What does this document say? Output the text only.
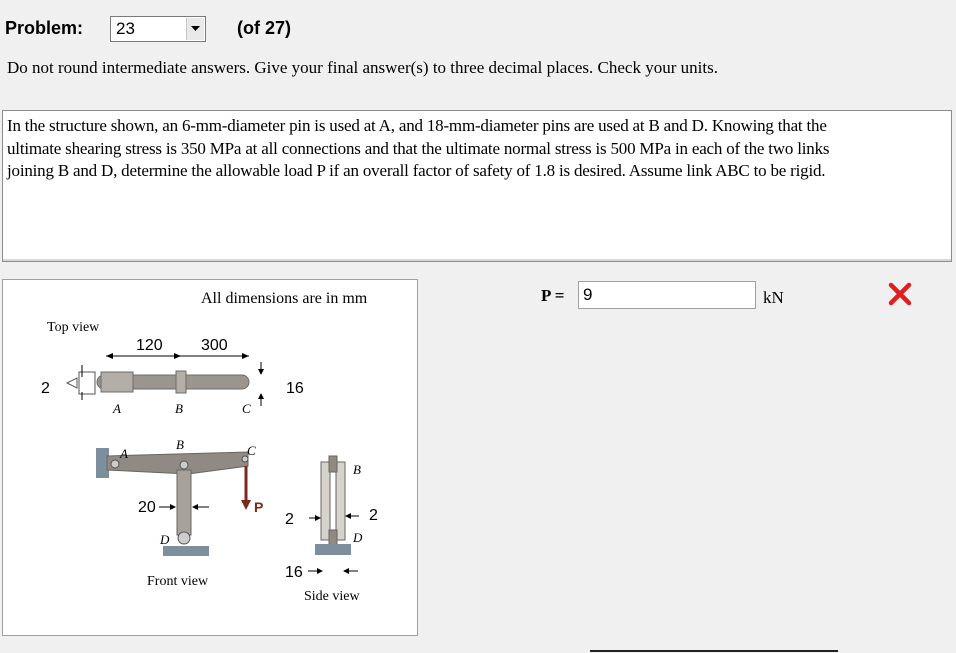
Problem: 23	(of 27)
Do not round intermediate answers. Give your final answer(s) to three decimal places. Check your units.
In the structure shown, an 6-mm-diameter pin is used at A, and 18-mm-diameter pins are used at B and D. Knowing that the
ultimate shearing stress is 350 MPa at all connections and that the ultimate normal stress is 500 MPa in each of the two links
joining B and D, determine the allowable load P if an overall factor of safety of 1.8 is desired. Assume link ABC to be rigid.
All dimensions are in mm
Top view
120 300
16
2
A	B	C
P
A
B	C
D
20
Front view
B
D
2	2
16
Side view
P =
9	kN
